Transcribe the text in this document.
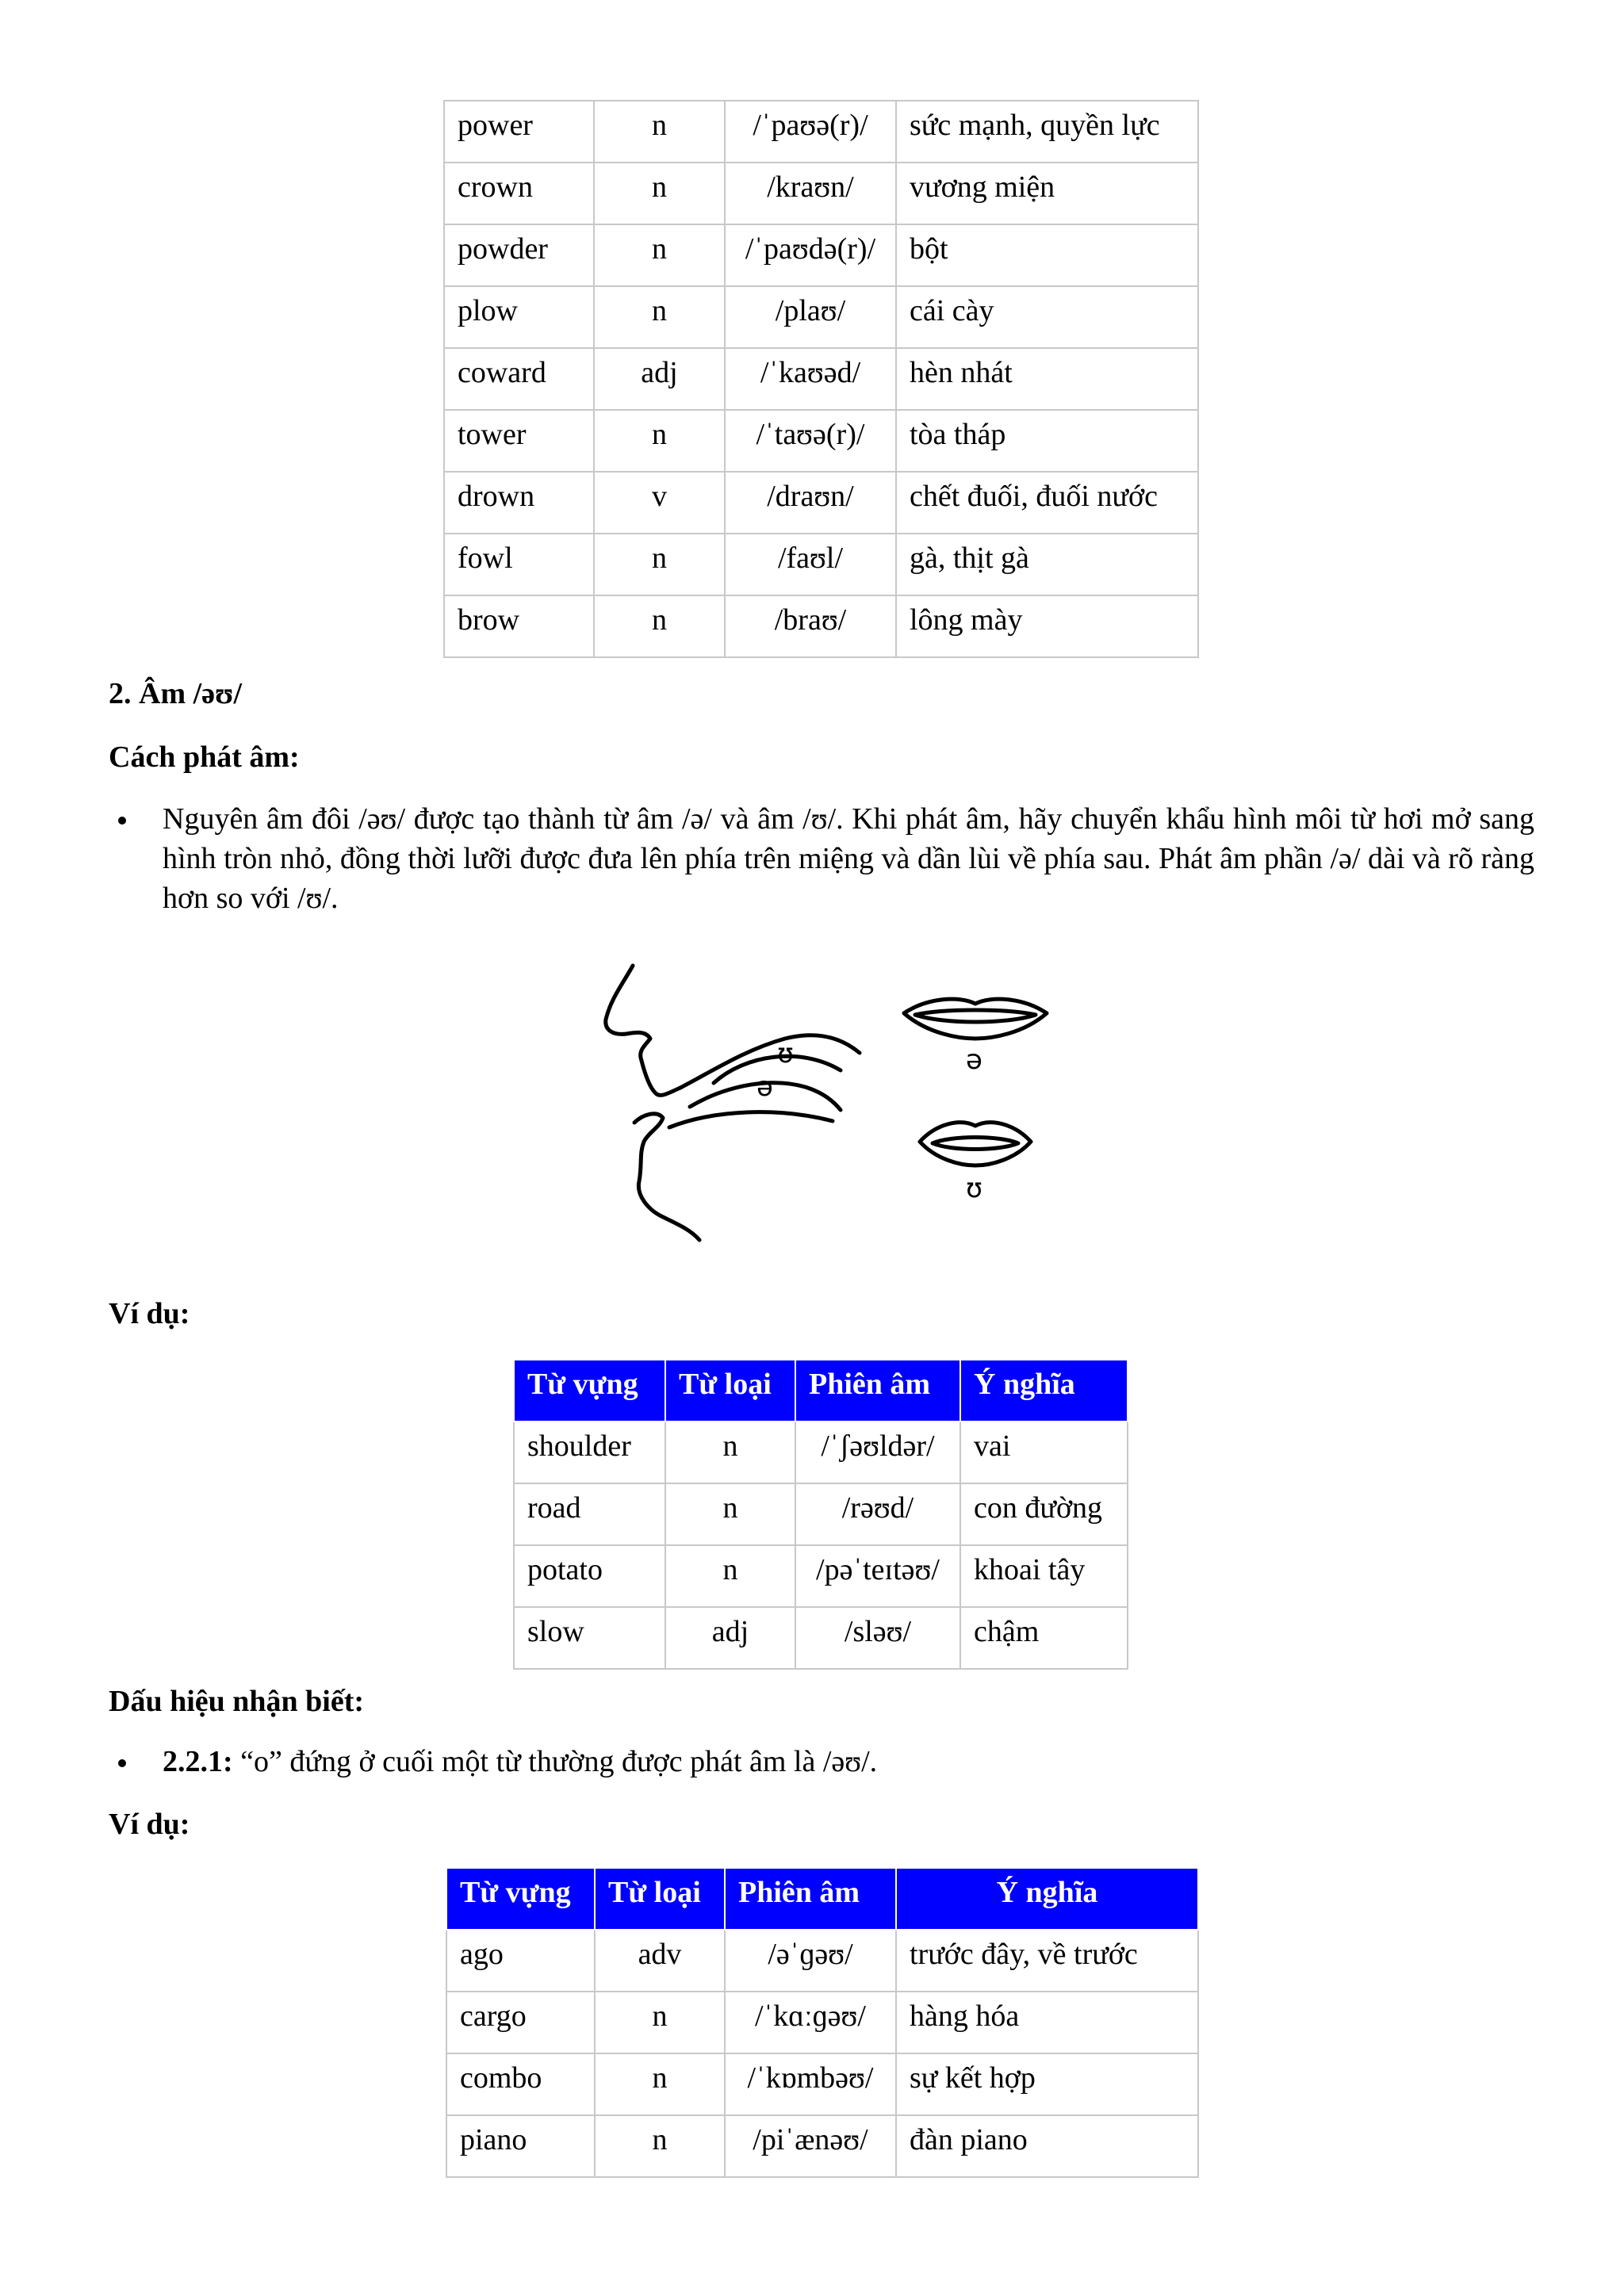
power	n	/ˈpaʊə(r)/	sức mạnh, quyền lực
crown	n	/kraʊn/	vương miện
powder	n	/ˈpaʊdə(r)/	bột
plow	n	/plaʊ/	cái cày
coward	adj	/ˈkaʊəd/	hèn nhát
tower	n	/ˈtaʊə(r)/	tòa tháp
drown	v	/draʊn/	chết đuối, đuối nước
fowl	n	/faʊl/	gà, thịt gà
brow	n	/braʊ/	lông mày
2. Âm /əʊ/
Cách phát âm:
Nguyên âm đôi /əʊ/ được tạo thành từ âm /ə/ và âm /ʊ/. Khi phát âm, hãy chuyển khẩu hình môi từ hơi mở sang hình tròn nhỏ, đồng thời lưỡi được đưa lên phía trên miệng và dần lùi về phía sau. Phát âm phần /ə/ dài và rõ ràng hơn so với /ʊ/.
ʊ
ə
ə
ʊ
Ví dụ:
Từ vựng	Từ loại	Phiên âm	Ý nghĩa
shoulder	n	/ˈʃəʊldər/	vai
road	n	/rəʊd/	con đường
potato	n	/pəˈteɪtəʊ/	khoai tây
slow	adj	/sləʊ/	chậm
Dấu hiệu nhận biết:
2.2.1: “o” đứng ở cuối một từ thường được phát âm là /əʊ/.
Ví dụ:
Từ vựng	Từ loại	Phiên âm	Ý nghĩa
ago	adv	/əˈɡəʊ/	trước đây, về trước
cargo	n	/ˈkɑːɡəʊ/	hàng hóa
combo	n	/ˈkɒmbəʊ/	sự kết hợp
piano	n	/piˈænəʊ/	đàn piano
